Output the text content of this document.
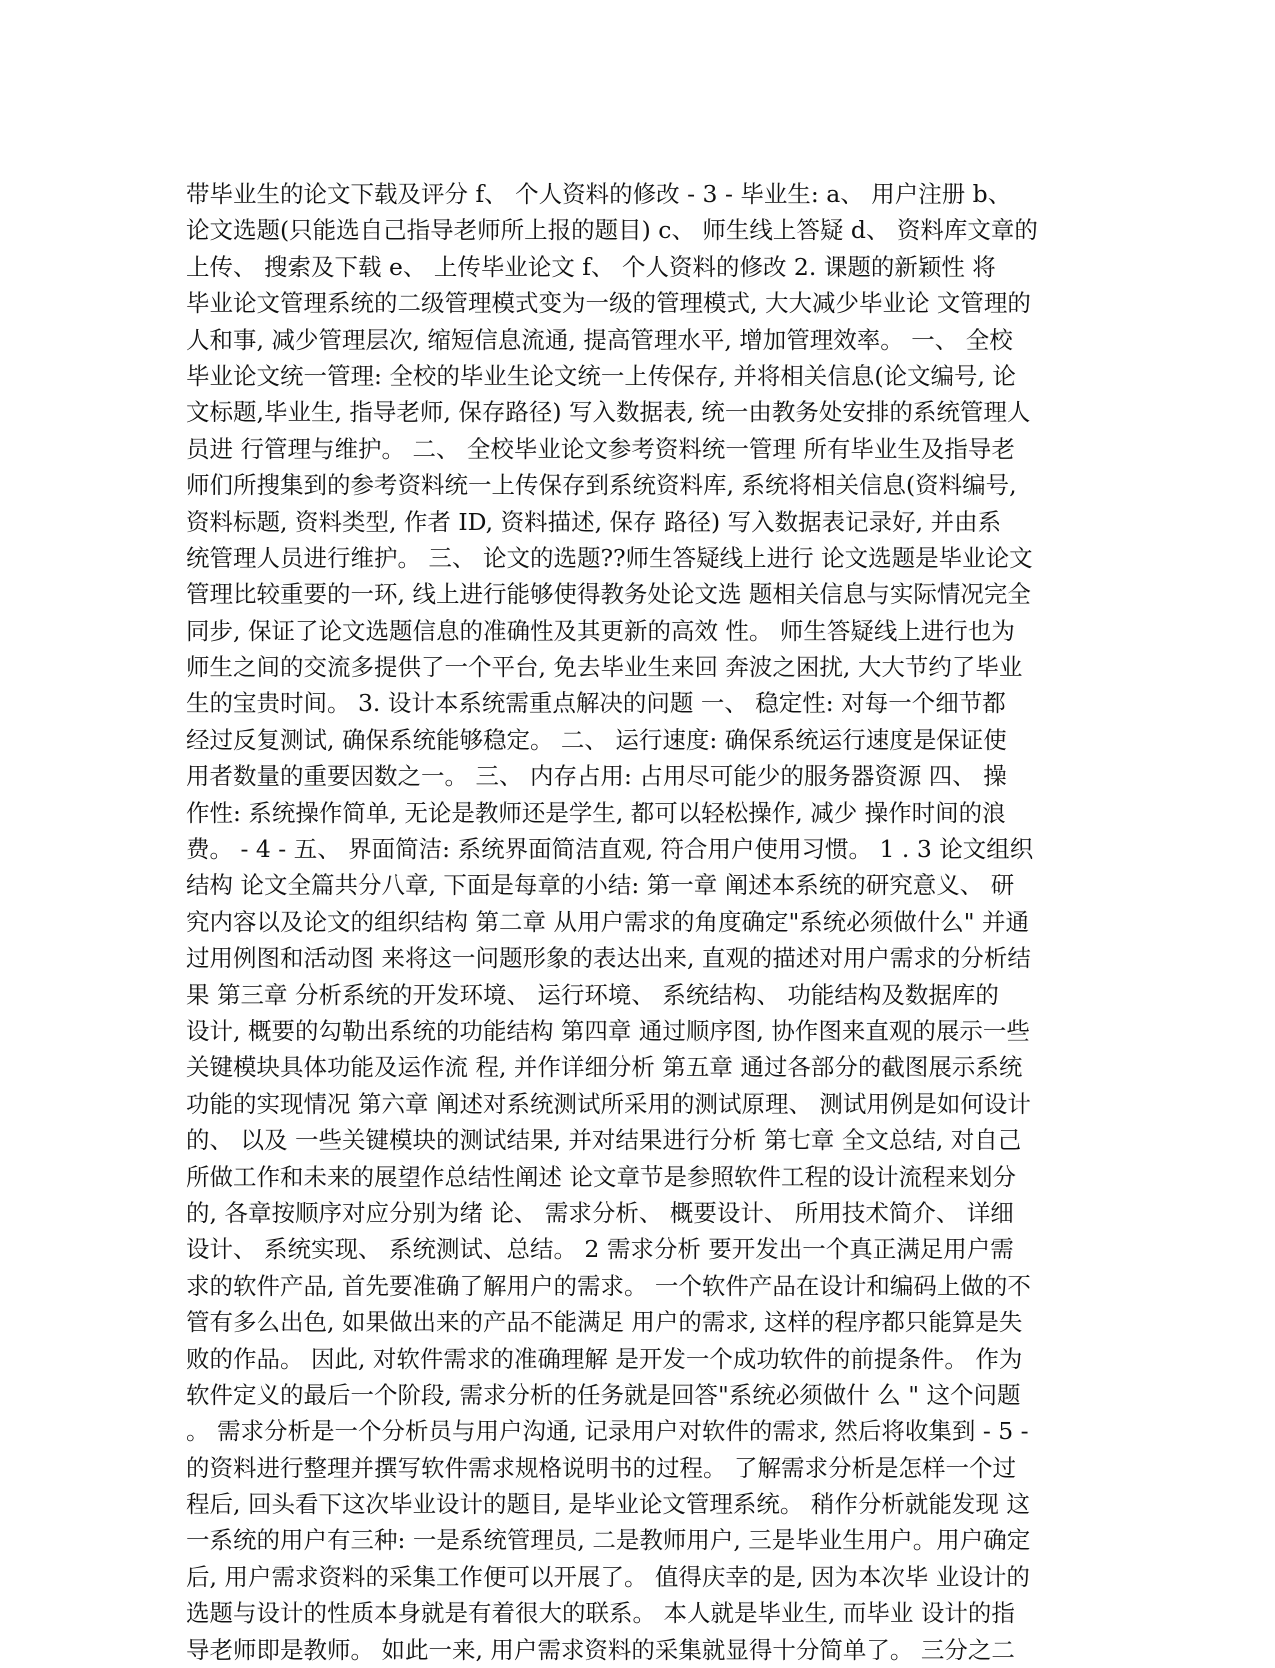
带毕业生的论文下载及评分 f、 个人资料的修改 - 3 - 毕业生: a、 用户注册 b、
论文选题(只能选自己指导老师所上报的题目) c、 师生线上答疑 d、 资料库文章的
上传、 搜索及下载 e、 上传毕业论文 f、 个人资料的修改 2. 课题的新颖性 将
毕业论文管理系统的二级管理模式变为一级的管理模式, 大大减少毕业论 文管理的
人和事, 减少管理层次, 缩短信息流通, 提高管理水平, 增加管理效率。 一、 全校
毕业论文统一管理: 全校的毕业生论文统一上传保存, 并将相关信息(论文编号, 论
文标题,毕业生, 指导老师, 保存路径) 写入数据表, 统一由教务处安排的系统管理人
员进 行管理与维护。 二、 全校毕业论文参考资料统一管理 所有毕业生及指导老
师们所搜集到的参考资料统一上传保存到系统资料库, 系统将相关信息(资料编号,
资料标题, 资料类型, 作者 ID, 资料描述, 保存 路径) 写入数据表记录好, 并由系
统管理人员进行维护。 三、 论文的选题??师生答疑线上进行 论文选题是毕业论文
管理比较重要的一环, 线上进行能够使得教务处论文选 题相关信息与实际情况完全
同步, 保证了论文选题信息的准确性及其更新的高效 性。 师生答疑线上进行也为
师生之间的交流多提供了一个平台, 免去毕业生来回 奔波之困扰, 大大节约了毕业
生的宝贵时间。 3. 设计本系统需重点解决的问题 一、 稳定性: 对每一个细节都
经过反复测试, 确保系统能够稳定。 二、 运行速度: 确保系统运行速度是保证使
用者数量的重要因数之一。 三、 内存占用: 占用尽可能少的服务器资源 四、 操
作性: 系统操作简单, 无论是教师还是学生, 都可以轻松操作, 减少 操作时间的浪
费。 - 4 - 五、 界面简洁: 系统界面简洁直观, 符合用户使用习惯。 1 . 3 论文组织
结构 论文全篇共分八章, 下面是每章的小结: 第一章 阐述本系统的研究意义、 研
究内容以及论文的组织结构 第二章 从用户需求的角度确定"系统必须做什么" 并通
过用例图和活动图 来将这一问题形象的表达出来, 直观的描述对用户需求的分析结
果 第三章 分析系统的开发环境、 运行环境、 系统结构、 功能结构及数据库的
设计, 概要的勾勒出系统的功能结构 第四章 通过顺序图, 协作图来直观的展示一些
关键模块具体功能及运作流 程, 并作详细分析 第五章 通过各部分的截图展示系统
功能的实现情况 第六章 阐述对系统测试所采用的测试原理、 测试用例是如何设计
的、 以及 一些关键模块的测试结果, 并对结果进行分析 第七章 全文总结, 对自己
所做工作和未来的展望作总结性阐述 论文章节是参照软件工程的设计流程来划分
的, 各章按顺序对应分别为绪 论、 需求分析、 概要设计、 所用技术简介、 详细
设计、 系统实现、 系统测试、总结。 2 需求分析 要开发出一个真正满足用户需
求的软件产品, 首先要准确了解用户的需求。 一个软件产品在设计和编码上做的不
管有多么出色, 如果做出来的产品不能满足 用户的需求, 这样的程序都只能算是失
败的作品。 因此, 对软件需求的准确理解 是开发一个成功软件的前提条件。 作为
软件定义的最后一个阶段, 需求分析的任务就是回答"系统必须做什 么 " 这个问题
。 需求分析是一个分析员与用户沟通, 记录用户对软件的需求, 然后将收集到 - 5 -
的资料进行整理并撰写软件需求规格说明书的过程。 了解需求分析是怎样一个过
程后, 回头看下这次毕业设计的题目, 是毕业论文管理系统。 稍作分析就能发现 这
一系统的用户有三种: 一是系统管理员, 二是教师用户, 三是毕业生用户。用户确定
后, 用户需求资料的采集工作便可以开展了。 值得庆幸的是, 因为本次毕 业设计的
选题与设计的性质本身就是有着很大的联系。 本人就是毕业生, 而毕业 设计的指
导老师即是教师。 如此一来, 用户需求资料的采集就显得十分简单了。 三分之二
